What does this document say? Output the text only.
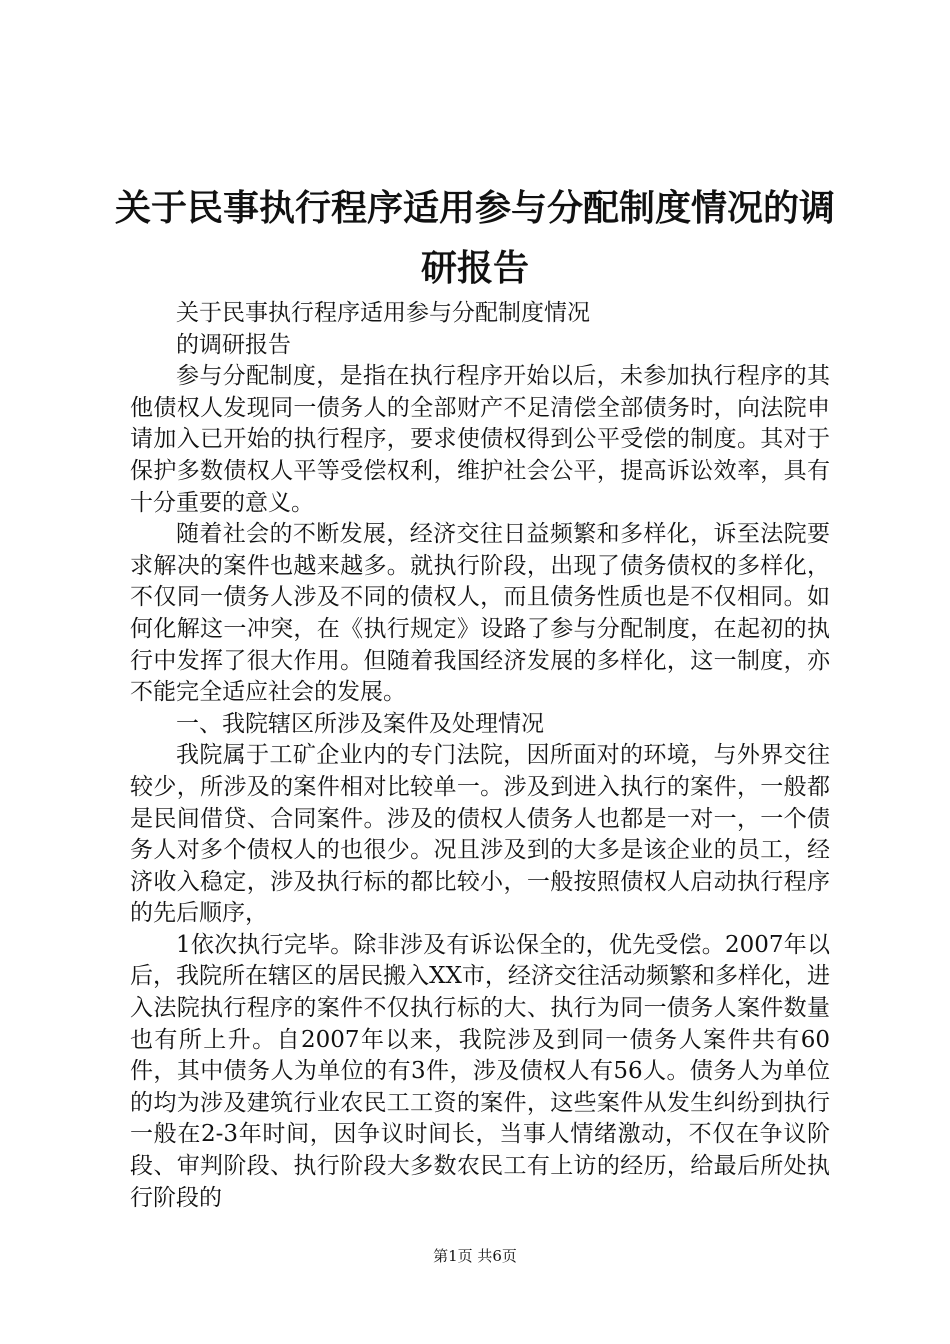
关于民事执行程序适用参与分配制度情况的调研报告

关于民事执行程序适用参与分配制度情况

的调研报告

参与分配制度，是指在执行程序开始以后，未参加执行程序的其他债权人发现同一债务人的全部财产不足清偿全部债务时，向法院申请加入已开始的执行程序，要求使债权得到公平受偿的制度。其对于保护多数债权人平等受偿权利，维护社会公平，提高诉讼效率，具有十分重要的意义。

随着社会的不断发展，经济交往日益频繁和多样化，诉至法院要求解决的案件也越来越多。就执行阶段，出现了债务债权的多样化，不仅同一债务人涉及不同的债权人，而且债务性质也是不仅相同。如何化解这一冲突，在《执行规定》设路了参与分配制度，在起初的执行中发挥了很大作用。但随着我国经济发展的多样化，这一制度，亦不能完全适应社会的发展。

一、我院辖区所涉及案件及处理情况

我院属于工矿企业内的专门法院，因所面对的环境，与外界交往较少，所涉及的案件相对比较单一。涉及到进入执行的案件，一般都是民间借贷、合同案件。涉及的债权人债务人也都是一对一，一个债务人对多个债权人的也很少。况且涉及到的大多是该企业的员工，经济收入稳定，涉及执行标的都比较小，一般按照债权人启动执行程序的先后顺序，

1依次执行完毕。除非涉及有诉讼保全的，优先受偿。2007年以后，我院所在辖区的居民搬入XX市，经济交往活动频繁和多样化，进入法院执行程序的案件不仅执行标的大、执行为同一债务人案件数量也有所上升。自2007年以来，我院涉及到同一债务人案件共有60件，其中债务人为单位的有3件，涉及债权人有56人。债务人为单位的均为涉及建筑行业农民工工资的案件，这些案件从发生纠纷到执行一般在2-3年时间，因争议时间长，当事人情绪激动，不仅在争议阶段、审判阶段、执行阶段大多数农民工有上访的经历，给最后所处执行阶段的

第1页 共6页
